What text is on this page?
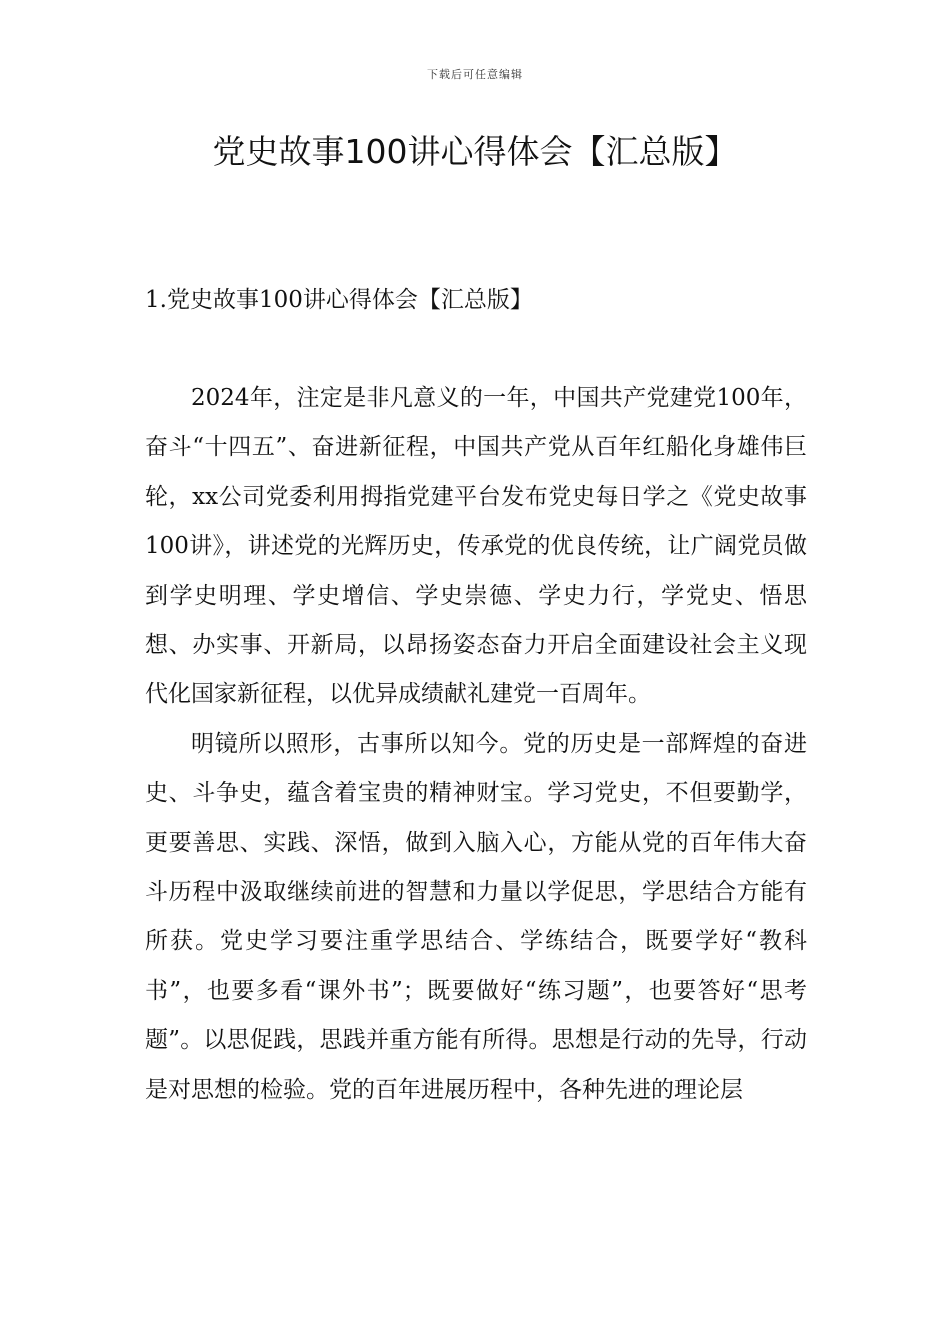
下载后可任意编辑
党史故事100讲心得体会【汇总版】
1.党史故事100讲心得体会【汇总版】

2024年，注定是非凡意义的一年，中国共产党建党100年，奋斗“十四五”、奋进新征程，中国共产党从百年红船化身雄伟巨轮，xx公司党委利用拇指党建平台发布党史每日学之《党史故事100讲》，讲述党的光辉历史，传承党的优良传统，让广阔党员做到学史明理、学史增信、学史崇德、学史力行，学党史、悟思想、办实事、开新局，以昂扬姿态奋力开启全面建设社会主义现代化国家新征程，以优异成绩献礼建党一百周年。

明镜所以照形，古事所以知今。党的历史是一部辉煌的奋进史、斗争史，蕴含着宝贵的精神财宝。学习党史，不但要勤学，更要善思、实践、深悟，做到入脑入心，方能从党的百年伟大奋斗历程中汲取继续前进的智慧和力量以学促思，学思结合方能有所获。党史学习要注重学思结合、学练结合，既要学好“教科书”，也要多看“课外书”；既要做好“练习题”，也要答好“思考题”。以思促践，思践并重方能有所得。思想是行动的先导，行动是对思想的检验。党的百年进展历程中，各种先进的理论层
